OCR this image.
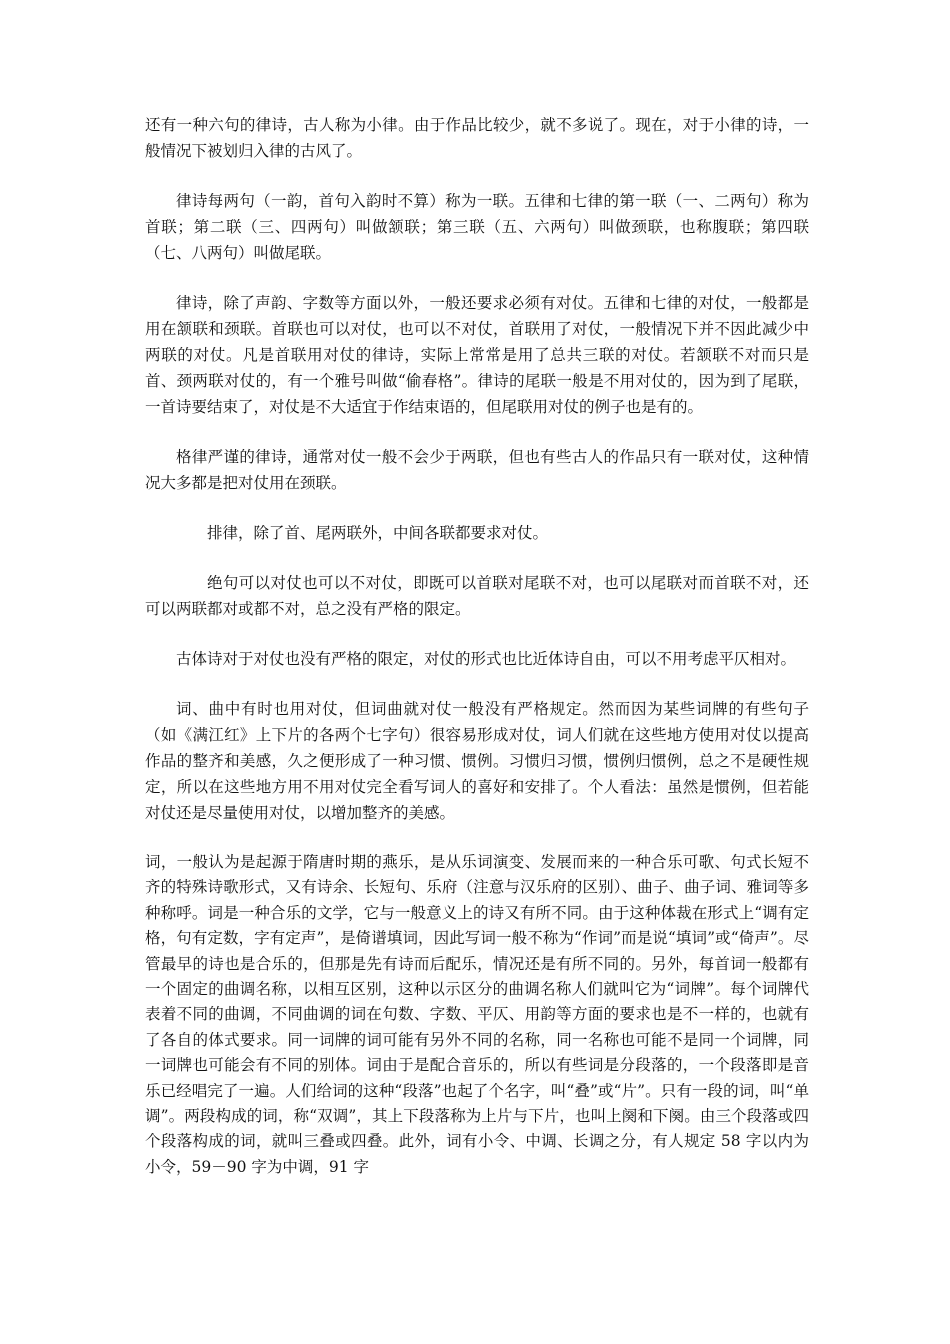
还有一种六句的律诗，古人称为小律。由于作品比较少，就不多说了。现在，对于小律的诗，一般情况下被划归入律的古风了。

律诗每两句（一韵，首句入韵时不算）称为一联。五律和七律的第一联（一、二两句）称为首联；第二联（三、四两句）叫做颔联；第三联（五、六两句）叫做颈联，也称腹联；第四联（七、八两句）叫做尾联。

律诗，除了声韵、字数等方面以外，一般还要求必须有对仗。五律和七律的对仗，一般都是用在颔联和颈联。首联也可以对仗，也可以不对仗，首联用了对仗，一般情况下并不因此减少中两联的对仗。凡是首联用对仗的律诗，实际上常常是用了总共三联的对仗。若颔联不对而只是首、颈两联对仗的，有一个雅号叫做“偷春格”。律诗的尾联一般是不用对仗的，因为到了尾联，一首诗要结束了，对仗是不大适宜于作结束语的，但尾联用对仗的例子也是有的。

格律严谨的律诗，通常对仗一般不会少于两联，但也有些古人的作品只有一联对仗，这种情况大多都是把对仗用在颈联。

排律，除了首、尾两联外，中间各联都要求对仗。

绝句可以对仗也可以不对仗，即既可以首联对尾联不对，也可以尾联对而首联不对，还可以两联都对或都不对，总之没有严格的限定。

古体诗对于对仗也没有严格的限定，对仗的形式也比近体诗自由，可以不用考虑平仄相对。

词、曲中有时也用对仗，但词曲就对仗一般没有严格规定。然而因为某些词牌的有些句子（如《满江红》上下片的各两个七字句）很容易形成对仗，词人们就在这些地方使用对仗以提高作品的整齐和美感，久之便形成了一种习惯、惯例。习惯归习惯，惯例归惯例，总之不是硬性规定，所以在这些地方用不用对仗完全看写词人的喜好和安排了。个人看法：虽然是惯例，但若能对仗还是尽量使用对仗，以增加整齐的美感。

词，一般认为是起源于隋唐时期的燕乐，是从乐词演变、发展而来的一种合乐可歌、句式长短不齐的特殊诗歌形式，又有诗余、长短句、乐府（注意与汉乐府的区别）、曲子、曲子词、雅词等多种称呼。词是一种合乐的文学，它与一般意义上的诗又有所不同。由于这种体裁在形式上“调有定格，句有定数，字有定声”，是倚谱填词，因此写词一般不称为“作词”而是说“填词”或“倚声”。尽管最早的诗也是合乐的，但那是先有诗而后配乐，情况还是有所不同的。另外，每首词一般都有一个固定的曲调名称，以相互区别，这种以示区分的曲调名称人们就叫它为“词牌”。每个词牌代表着不同的曲调，不同曲调的词在句数、字数、平仄、用韵等方面的要求也是不一样的，也就有了各自的体式要求。同一词牌的词可能有另外不同的名称，同一名称也可能不是同一个词牌，同一词牌也可能会有不同的别体。词由于是配合音乐的，所以有些词是分段落的，一个段落即是音乐已经唱完了一遍。人们给词的这种“段落”也起了个名字，叫“叠”或“片”。只有一段的词，叫“单调”。两段构成的词，称“双调”，其上下段落称为上片与下片，也叫上阕和下阕。由三个段落或四个段落构成的词，就叫三叠或四叠。此外，词有小令、中调、长调之分，有人规定 58 字以内为小令，59－90 字为中调，91 字
